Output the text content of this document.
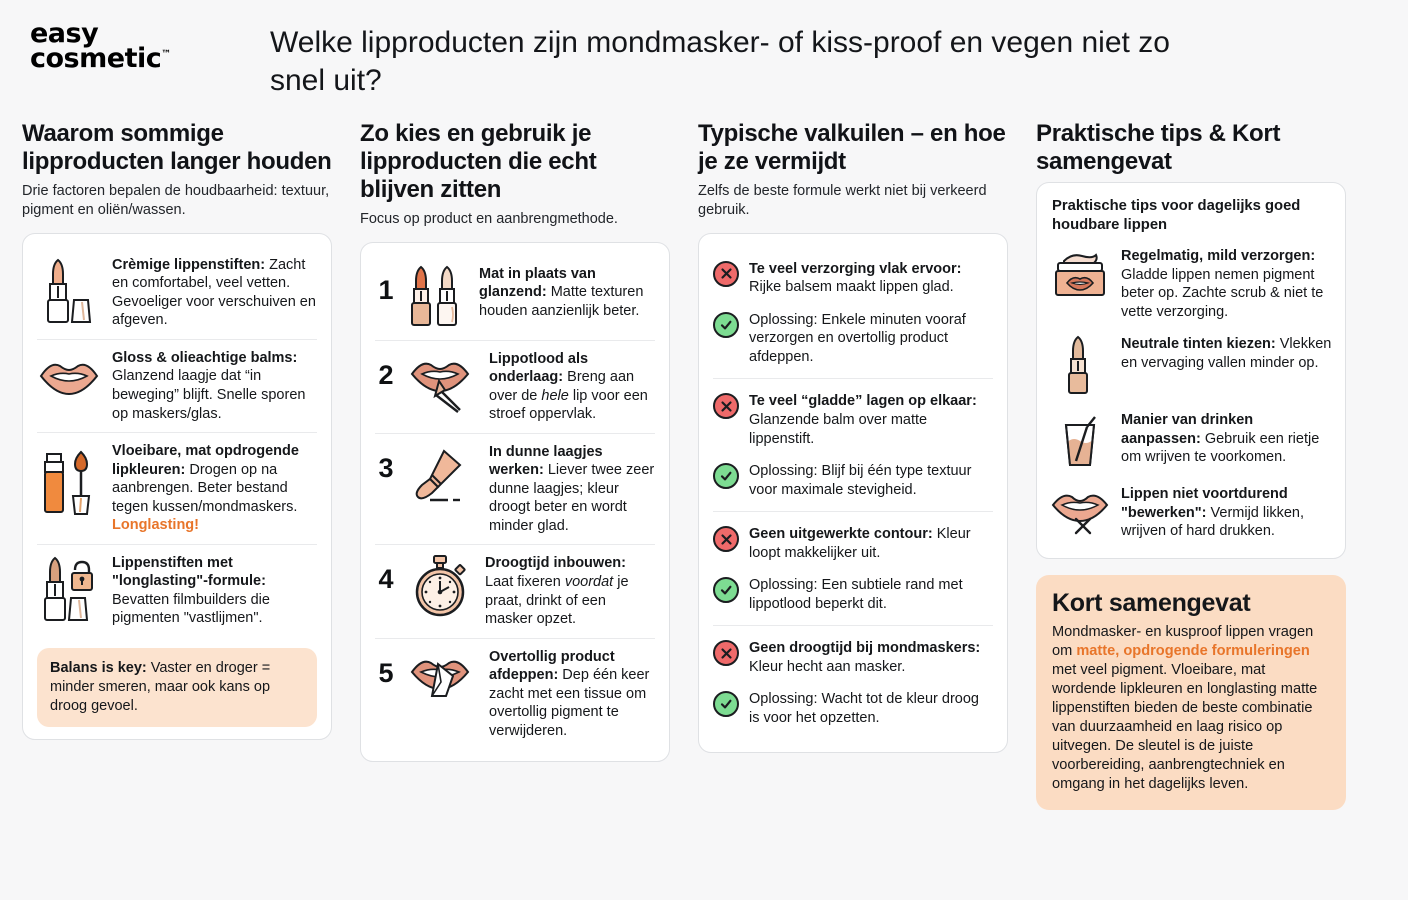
easy
cosmetic™	Welke lipproducten zijn mondmasker- of kiss-proof en vegen niet zo snel uit?
Waarom sommige lipproducten langer houden
Drie factoren bepalen de houdbaarheid: textuur, pigment en oliën/wassen.
Crèmige lippenstiften: Zacht en comfortabel, veel vetten. Gevoeliger voor verschuiven en afgeven.
Gloss & olieachtige balms: Glanzend laagje dat “in beweging” blijft. Snelle sporen op maskers/glas.
Vloeibare, mat opdrogende lipkleuren: Drogen op na aanbrengen. Beter bestand tegen kussen/mondmaskers. Longlasting!
Lippenstiften met "longlasting"-formule: Bevatten filmbuilders die pigmenten "vastlijmen".
Balans is key: Vaster en droger = minder smeren, maar ook kans op droog gevoel.
Zo kies en gebruik je lipproducten die echt blijven zitten
Focus op product en aanbrengmethode.
1
Mat in plaats van glanzend: Matte texturen houden aanzienlijk beter.
2
Lippotlood als onderlaag: Breng aan over de hele lip voor een stroef oppervlak.
3
In dunne laagjes werken: Liever twee zeer dunne laagjes; kleur droogt beter en wordt minder glad.
4
Droogtijd inbouwen: Laat fixeren voordat je praat, drinkt of een masker opzet.
5
Overtollig product afdeppen: Dep één keer zacht met een tissue om overtollig pigment te verwijderen.
Typische valkuilen – en hoe je ze vermijdt
Zelfs de beste formule werkt niet bij verkeerd gebruik.
Te veel verzorging vlak ervoor: Rijke balsem maakt lippen glad.
Oplossing: Enkele minuten vooraf verzorgen en overtollig product afdeppen.
Te veel “gladde” lagen op elkaar: Glanzende balm over matte lippenstift.
Oplossing: Blijf bij één type textuur voor maximale stevigheid.
Geen uitgewerkte contour: Kleur loopt makkelijker uit.
Oplossing: Een subtiele rand met lippotlood beperkt dit.
Geen droogtijd bij mondmaskers: Kleur hecht aan masker.
Oplossing: Wacht tot de kleur droog is voor het opzetten.
Praktische tips & Kort samengevat
Praktische tips voor dagelijks goed houdbare lippen
Regelmatig, mild verzorgen: Gladde lippen nemen pigment beter op. Zachte scrub & niet te vette verzorging.
Neutrale tinten kiezen: Vlekken en vervaging vallen minder op.
Manier van drinken aanpassen: Gebruik een rietje om wrijven te voorkomen.
Lippen niet voortdurend "bewerken": Vermijd likken, wrijven of hard drukken.
Kort samengevat

Mondmasker- en kusproof lippen vragen om matte, opdrogende formuleringen met veel pigment. Vloeibare, mat wordende lipkleuren en longlasting matte lippenstiften bieden de beste combinatie van duurzaamheid en laag risico op uitvegen. De sleutel is de juiste voorbereiding, aanbrengtechniek en omgang in het dagelijks leven.
